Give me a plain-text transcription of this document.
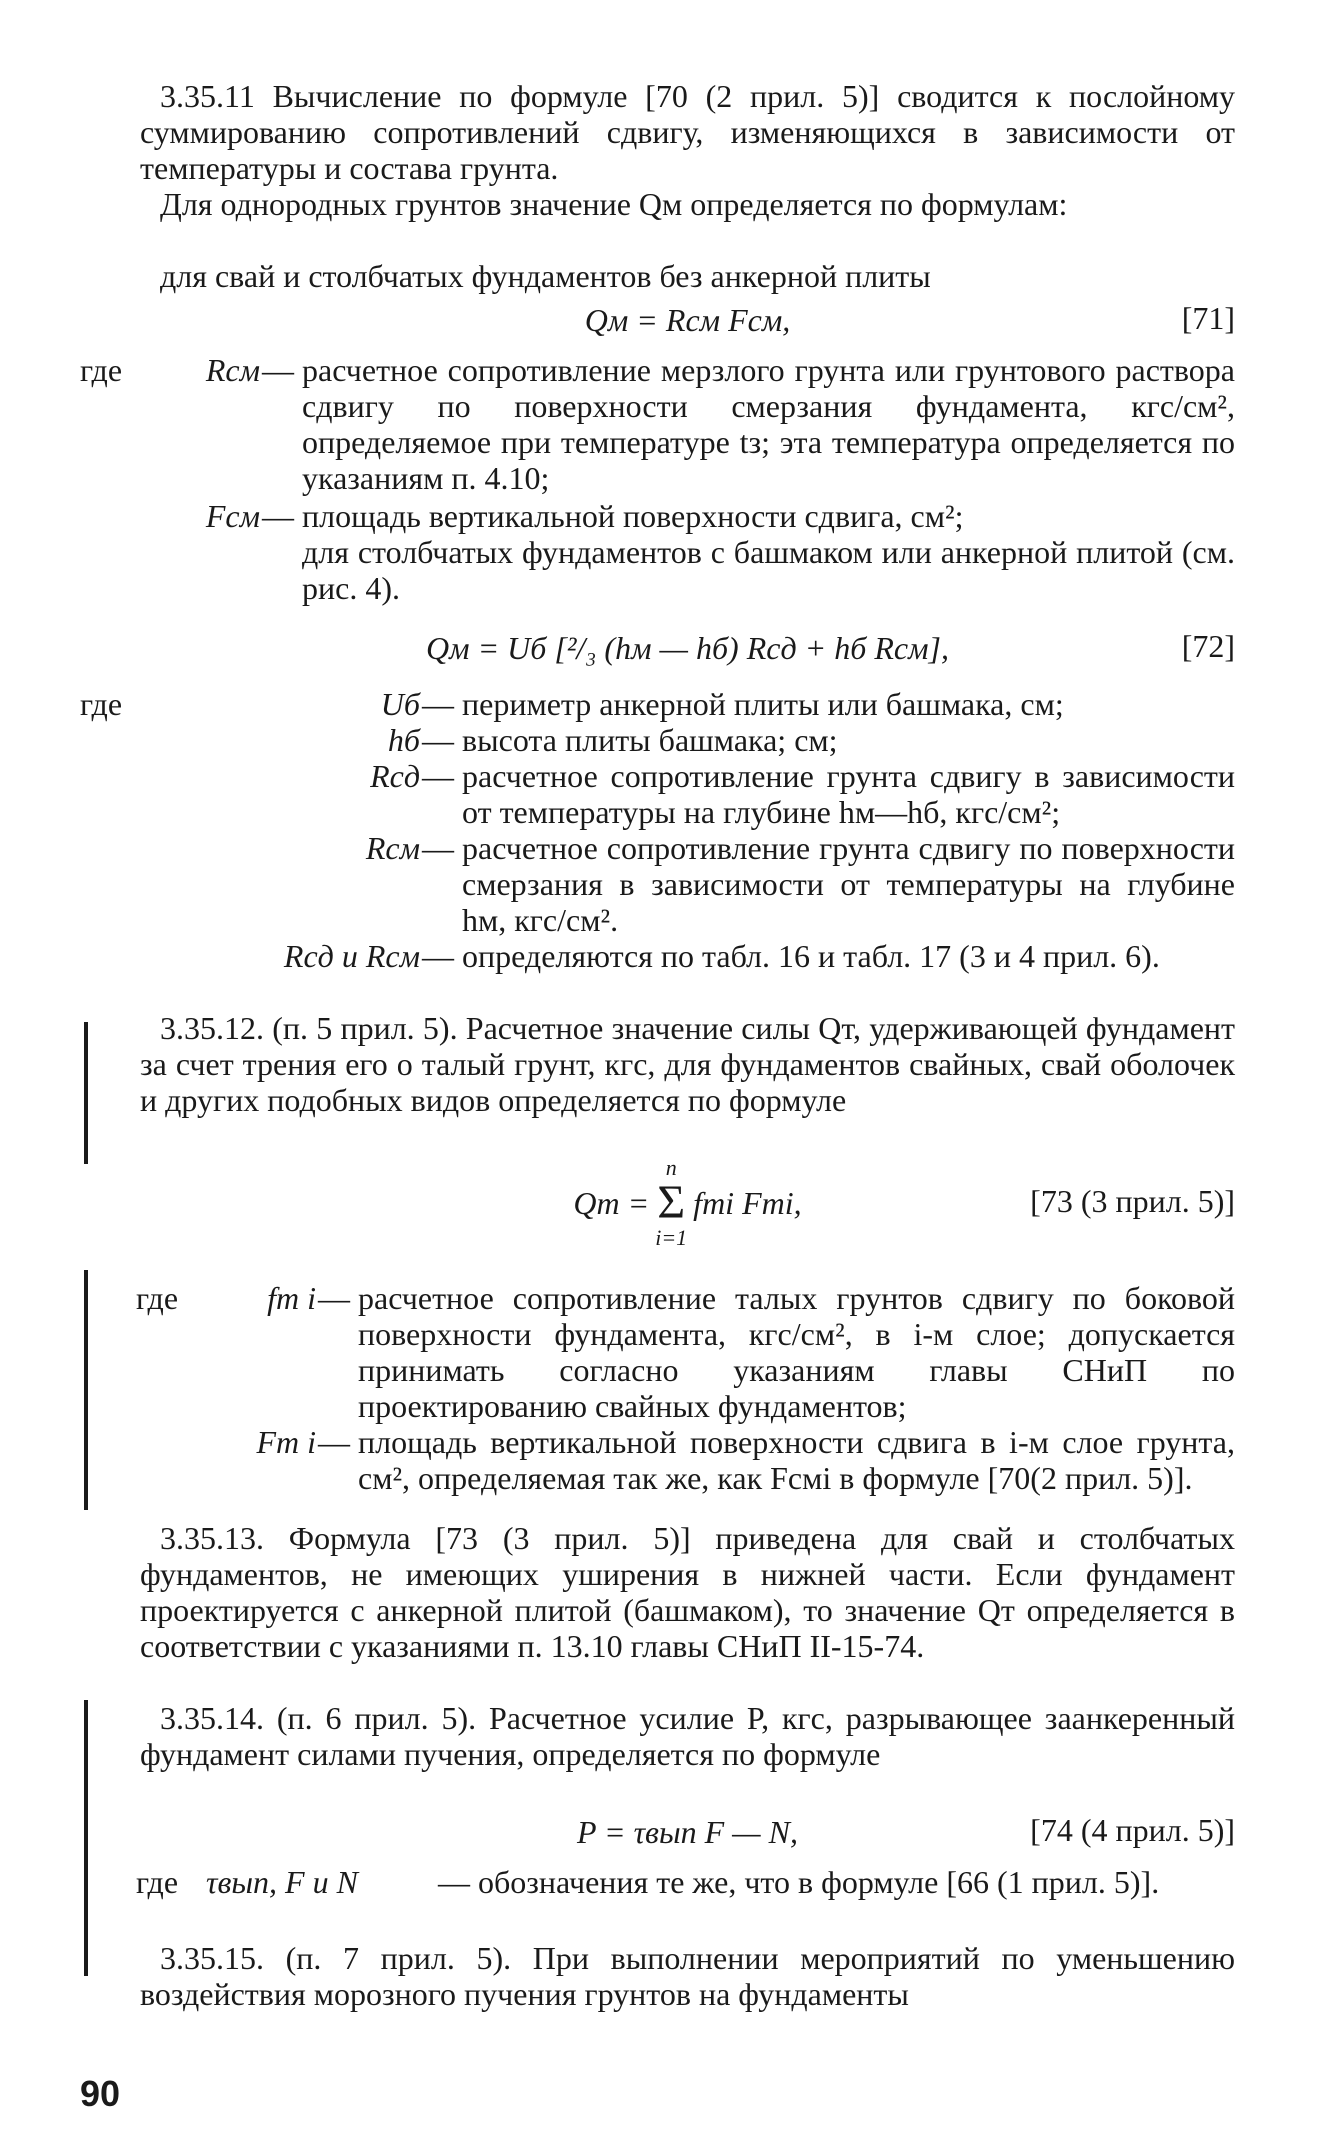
3.35.11 Вычисление по формуле [70 (2 прил. 5)] сводится к послойному суммированию сопротивлений сдвигу, изменяющихся в зависимости от температуры и состава грунта.

Для однородных грунтов значение Qм определяется по формулам:

для свай и столбчатых фундаментов без анкерной плиты

Qм = Rсм Fсм,	[71]
где	Rсм — расчетное сопротивление мерзлого грунта или грунтового раствора сдвигу по поверхности смерзания фундамента, кгс/см², определяемое при температуре tз; эта температура определяется по указаниям п. 4.10;
Fсм — площадь вертикальной поверхности сдвига, см²;
для столбчатых фундаментов с башмаком или анкерной плитой (см. рис. 4).
Qм = Uб [²/₃ (hм — hб) Rсд + hб Rсм],	[72]
где	Uб — периметр анкерной плиты или башмака, см;
hб — высота плиты башмака; см;
Rсд — расчетное сопротивление грунта сдвигу в зависимости от температуры на глубине hм—hб, кгс/см²;
Rсм — расчетное сопротивление грунта сдвигу по поверхности смерзания в зависимости от температуры на глубине hм, кгс/см².
Rсд и Rсм — определяются по табл. 16 и табл. 17 (3 и 4 прил. 6).

3.35.12. (п. 5 прил. 5). Расчетное значение силы Qт, удерживающей фундамент за счет трения его о талый грунт, кгс, для фундаментов свайных, свай оболочек и других подобных видов определяется по формуле

Qт =
n
Σ
i=1
fтi Fтi,	[73 (3 прил. 5)]
где	fт i — расчетное сопротивление талых грунтов сдвигу по боковой поверхности фундамента, кгс/см², в i-м слое; допускается принимать согласно указаниям главы СНиП по проектированию свайных фундаментов;
Fт i — площадь вертикальной поверхности сдвига в i-м слое грунта, см², определяемая так же, как Fсмi в формуле [70(2 прил. 5)].

3.35.13. Формула [73 (3 прил. 5)] приведена для свай и столбчатых фундаментов, не имеющих уширения в нижней части. Если фундамент проектируется с анкерной плитой (башмаком), то значение Qт определяется в соответствии с указаниями п. 13.10 главы СНиП II-15-74.

3.35.14. (п. 6 прил. 5). Расчетное усилие P, кгс, разрывающее заанкеренный фундамент силами пучения, определяется по формуле

P = τвып F — N,	[74 (4 прил. 5)]
где τвып, F и N	— обозначения те же, что в формуле [66 (1 прил. 5)].

3.35.15. (п. 7 прил. 5). При выполнении мероприятий по уменьшению воздействия морозного пучения грунтов на фундаменты

90
